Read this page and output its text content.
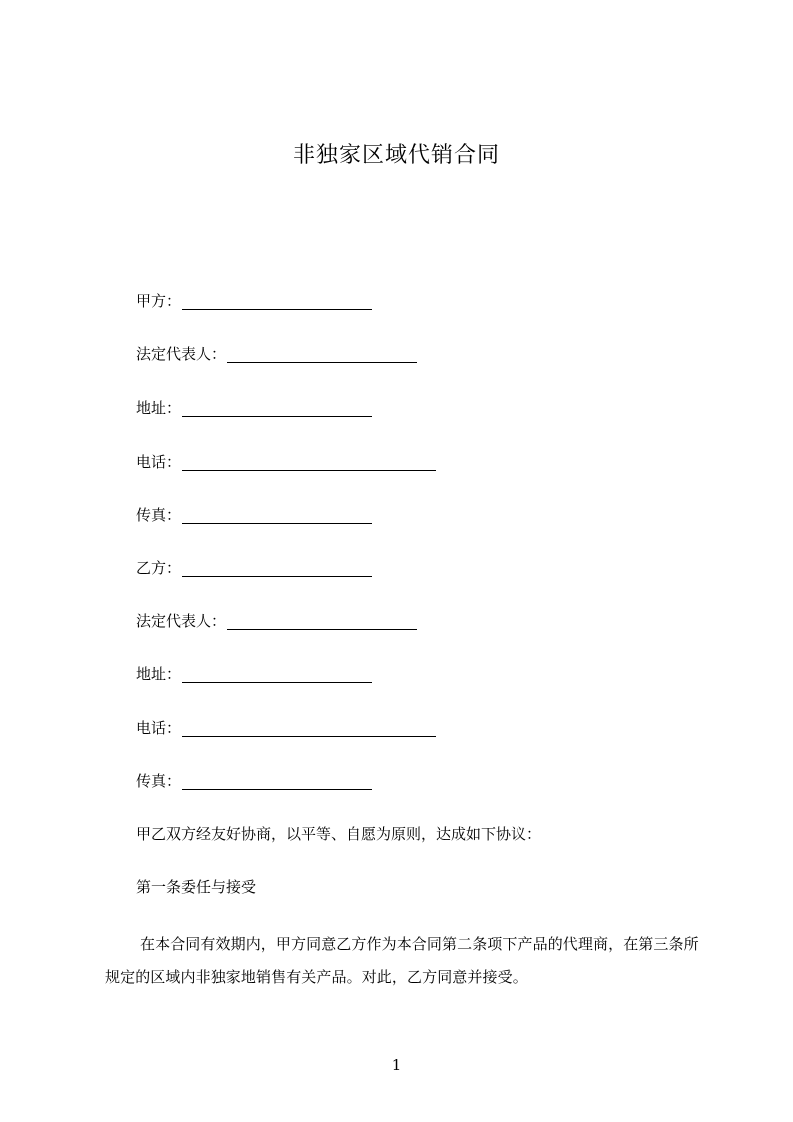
非独家区域代销合同
甲方：
法定代表人：
地址：
电话：
传真：
乙方：
法定代表人：
地址：
电话：
传真：
甲乙双方经友好协商，以平等、自愿为原则，达成如下协议：
第一条委任与接受
在本合同有效期内，甲方同意乙方作为本合同第二条项下产品的代理商，在第三条所规定的区域内非独家地销售有关产品。对此，乙方同意并接受。
1
